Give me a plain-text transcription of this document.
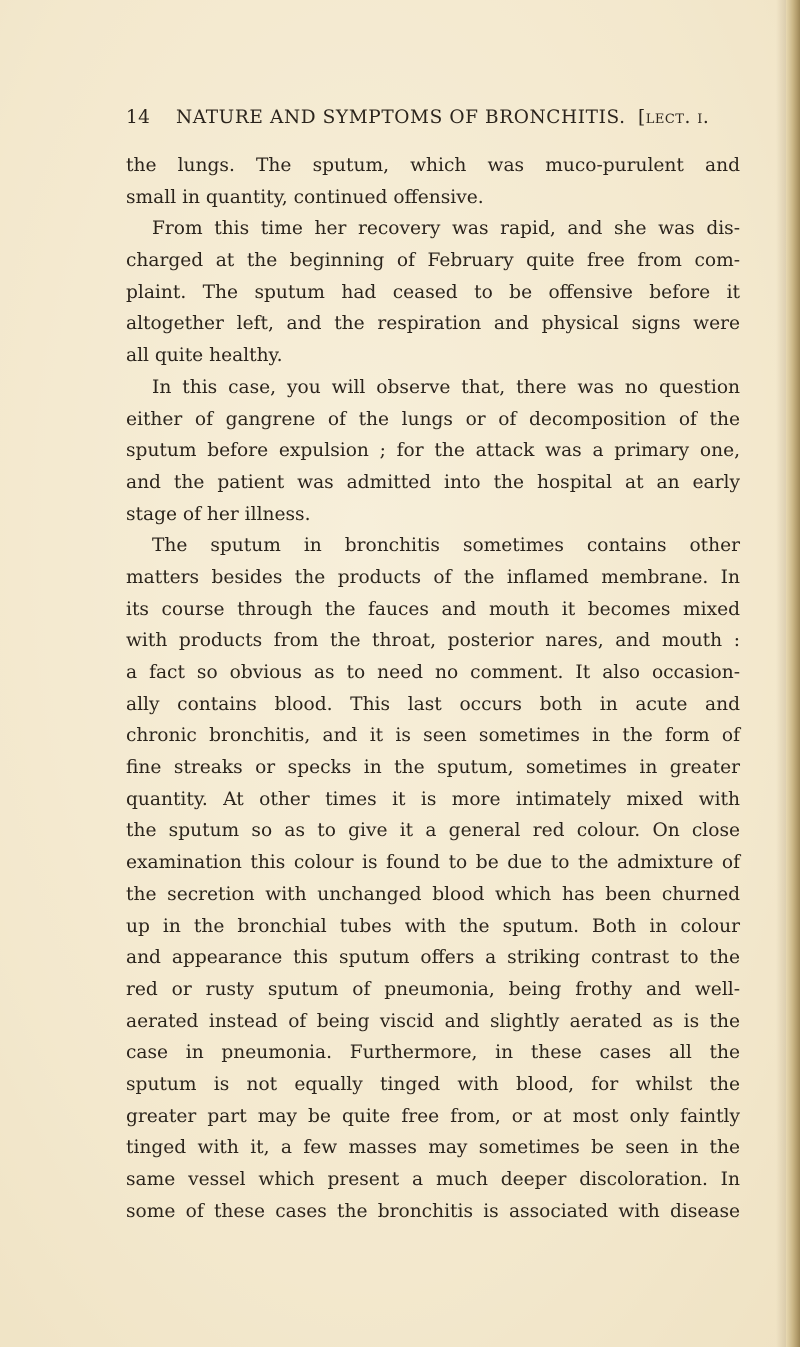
14 NATURE AND SYMPTOMS OF BRONCHITIS. [lect. i.
the lungs. The sputum, which was muco-purulent and
small in quantity, continued offensive.
From this time her recovery was rapid, and she was dis-
charged at the beginning of February quite free from com-
plaint. The sputum had ceased to be offensive before it
altogether left, and the respiration and physical signs were
all quite healthy.
In this case, you will observe that, there was no question
either of gangrene of the lungs or of decomposition of the
sputum before expulsion ; for the attack was a primary one,
and the patient was admitted into the hospital at an early
stage of her illness.
The sputum in bronchitis sometimes contains other
matters besides the products of the inflamed membrane. In
its course through the fauces and mouth it becomes mixed
with products from the throat, posterior nares, and mouth :
a fact so obvious as to need no comment. It also occasion-
ally contains blood. This last occurs both in acute and
chronic bronchitis, and it is seen sometimes in the form of
fine streaks or specks in the sputum, sometimes in greater
quantity. At other times it is more intimately mixed with
the sputum so as to give it a general red colour. On close
examination this colour is found to be due to the admixture of
the secretion with unchanged blood which has been churned
up in the bronchial tubes with the sputum. Both in colour
and appearance this sputum offers a striking contrast to the
red or rusty sputum of pneumonia, being frothy and well-
aerated instead of being viscid and slightly aerated as is the
case in pneumonia. Furthermore, in these cases all the
sputum is not equally tinged with blood, for whilst the
greater part may be quite free from, or at most only faintly
tinged with it, a few masses may sometimes be seen in the
same vessel which present a much deeper discoloration. In
some of these cases the bronchitis is associated with disease
